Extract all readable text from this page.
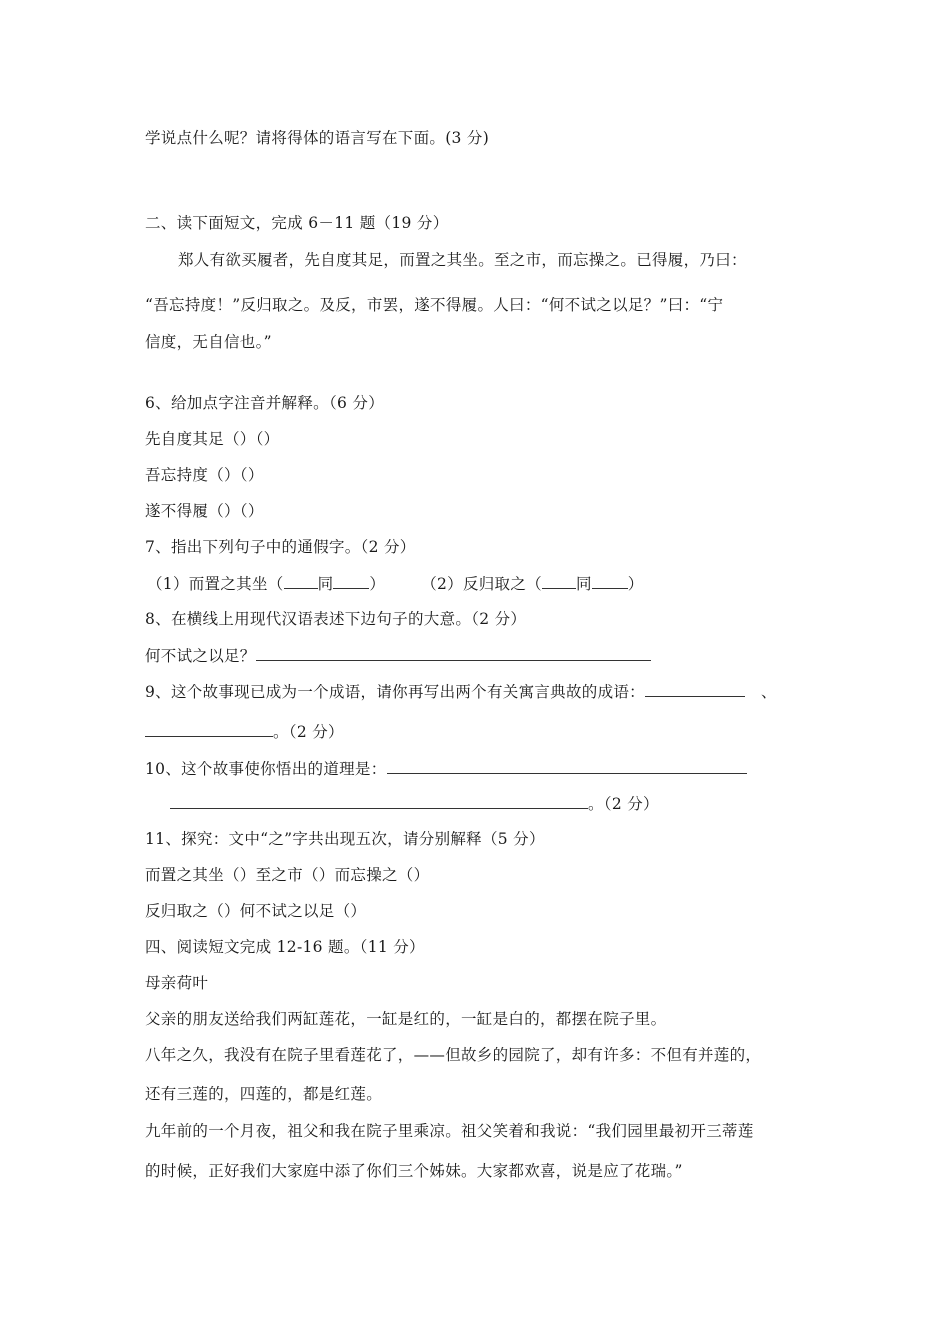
学说点什么呢？请将得体的语言写在下面。(3 分)
二、读下面短文，完成 6－11 题（19 分）
郑人有欲买履者，先自度其足，而置之其坐。至之市，而忘操之。已得履，乃曰：
“吾忘持度！”反归取之。及反，市罢，遂不得履。人曰：“何不试之以足？”曰：“宁
信度，无自信也。”
6、给加点字注音并解释。（6 分）
先自度其足（）（）
吾忘持度（）（）
遂不得履（）（）
7、指出下列句子中的通假字。（2 分）
（1）而置之其坐（ 同 ） （2）反归取之（ 同 ）
8、在横线上用现代汉语表述下边句子的大意。（2 分）
何不试之以足？
9、这个故事现已成为一个成语，请你再写出两个有关寓言典故的成语：	、
。（2 分）
10、这个故事使你悟出的道理是：
。（2 分）
11、探究：文中“之”字共出现五次，请分别解释（5 分）
而置之其坐（）至之市（）而忘操之（）
反归取之（）何不试之以足（）
四、阅读短文完成 12-16 题。（11 分）
母亲荷叶
父亲的朋友送给我们两缸莲花，一缸是红的，一缸是白的，都摆在院子里。
八年之久，我没有在院子里看莲花了，——但故乡的园院了，却有许多：不但有并莲的，
还有三莲的，四莲的，都是红莲。
九年前的一个月夜，祖父和我在院子里乘凉。祖父笑着和我说：“我们园里最初开三蒂莲
的时候，正好我们大家庭中添了你们三个姊妹。大家都欢喜，说是应了花瑞。”
